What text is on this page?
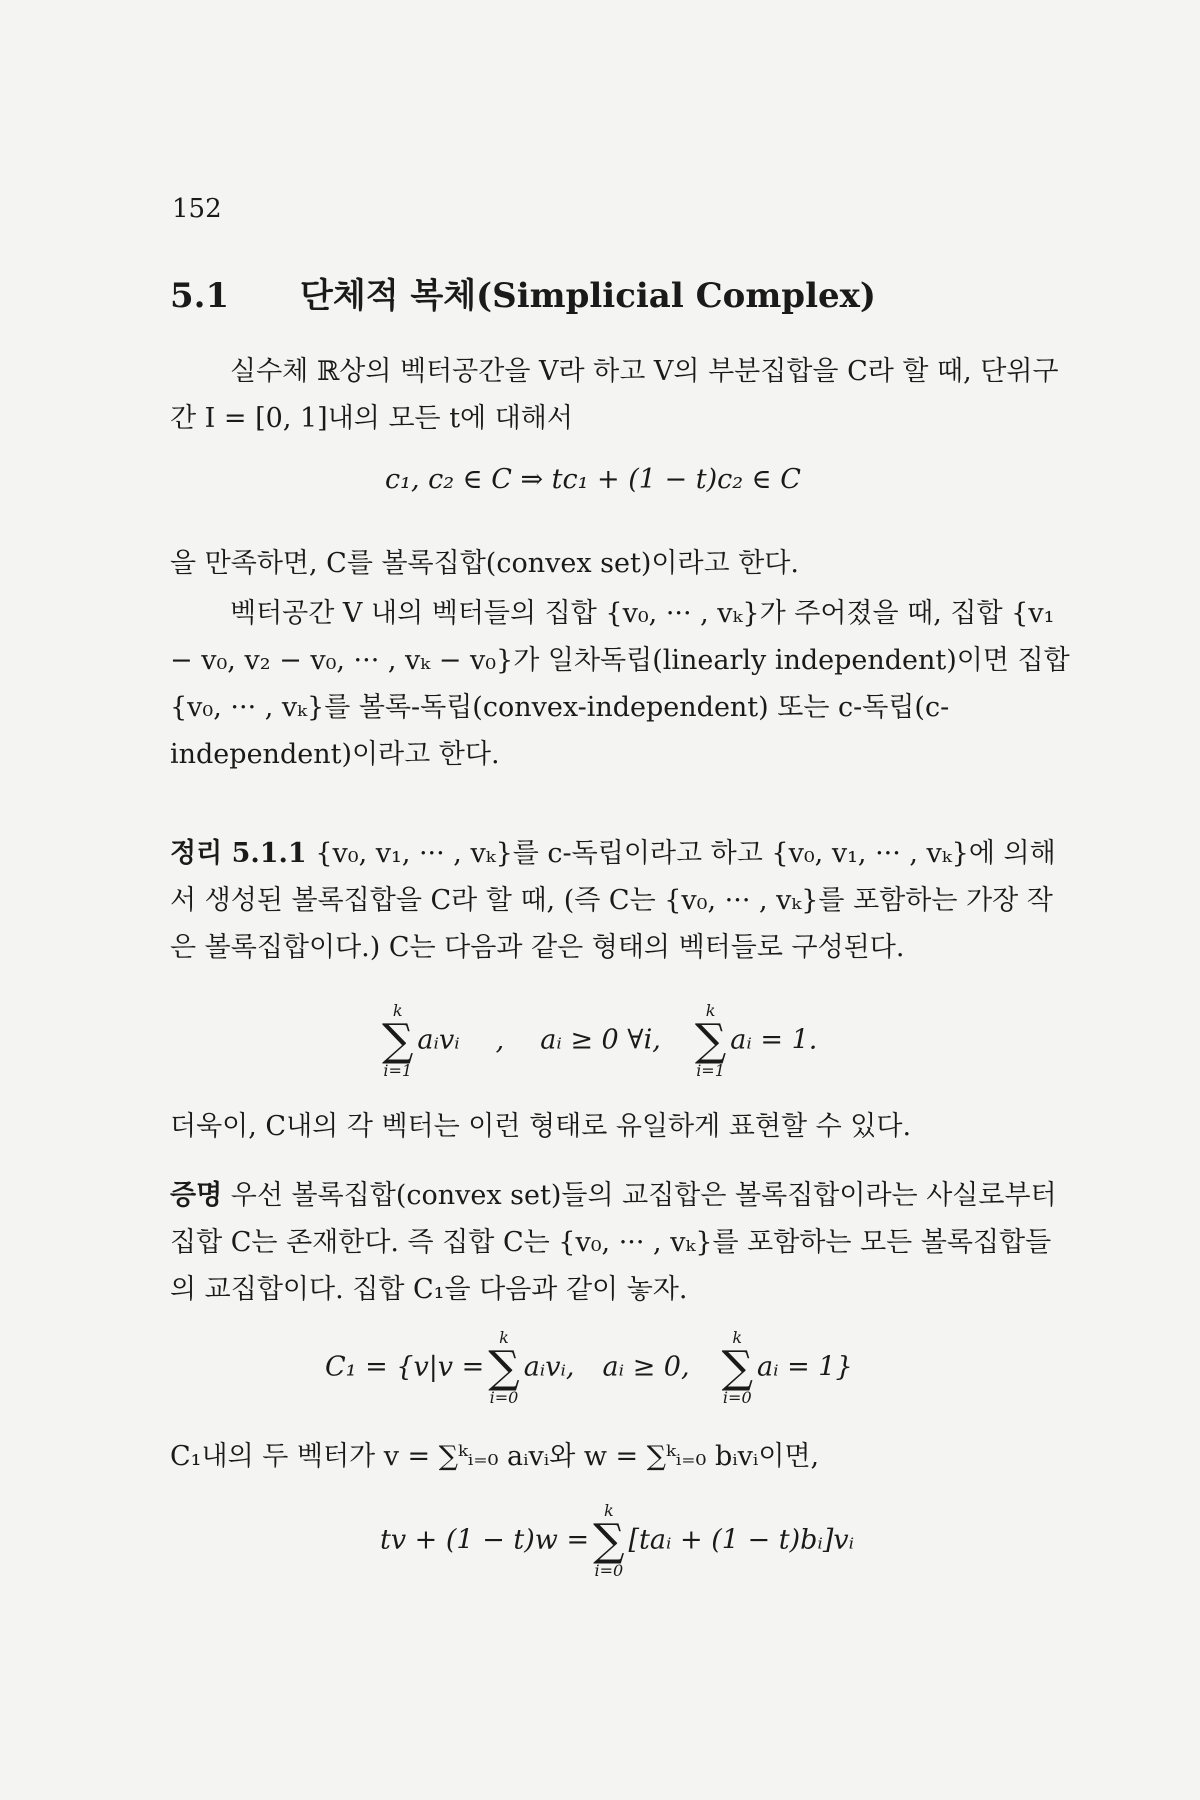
152
5.1 단체적 복체(Simplicial Complex)

실수체 ℝ상의 벡터공간을 V라 하고 V의 부분집합을 C라 할 때, 단위구간 I = [0, 1]내의 모든 t에 대해서

c₁, c₂ ∈ C ⇒ tc₁ + (1 − t)c₂ ∈ C

을 만족하면, C를 볼록집합(convex set)이라고 한다.

벡터공간 V 내의 벡터들의 집합 {v₀, ··· , vₖ}가 주어졌을 때, 집합 {v₁ − v₀, v₂ − v₀, ··· , vₖ − v₀}가 일차독립(linearly independent)이면 집합 {v₀, ··· , vₖ}를 볼록-독립(convex-independent) 또는 c-독립(c-independent)이라고 한다.

정리 5.1.1 {v₀, v₁, ··· , vₖ}를 c-독립이라고 하고 {v₀, v₁, ··· , vₖ}에 의해서 생성된 볼록집합을 C라 할 때, (즉 C는 {v₀, ··· , vₖ}를 포함하는 가장 작은 볼록집합이다.) C는 다음과 같은 형태의 벡터들로 구성된다.

k
∑
i=1
aᵢvᵢ , aᵢ ≥ 0 ∀i,
k
∑
i=1
aᵢ = 1.

더욱이, C내의 각 벡터는 이런 형태로 유일하게 표현할 수 있다.

증명 우선 볼록집합(convex set)들의 교집합은 볼록집합이라는 사실로부터 집합 C는 존재한다. 즉 집합 C는 {v₀, ··· , vₖ}를 포함하는 모든 볼록집합들의 교집합이다. 집합 C₁을 다음과 같이 놓자.

C₁ = {v|v =
k
∑
i=0
aᵢvᵢ, aᵢ ≥ 0,
k
∑
i=0
aᵢ = 1}

C₁내의 두 벡터가 v = ∑ᵏᵢ₌₀ aᵢvᵢ와 w = ∑ᵏᵢ₌₀ bᵢvᵢ이면,

tv + (1 − t)w =
k
∑
i=0
[taᵢ + (1 − t)bᵢ]vᵢ
